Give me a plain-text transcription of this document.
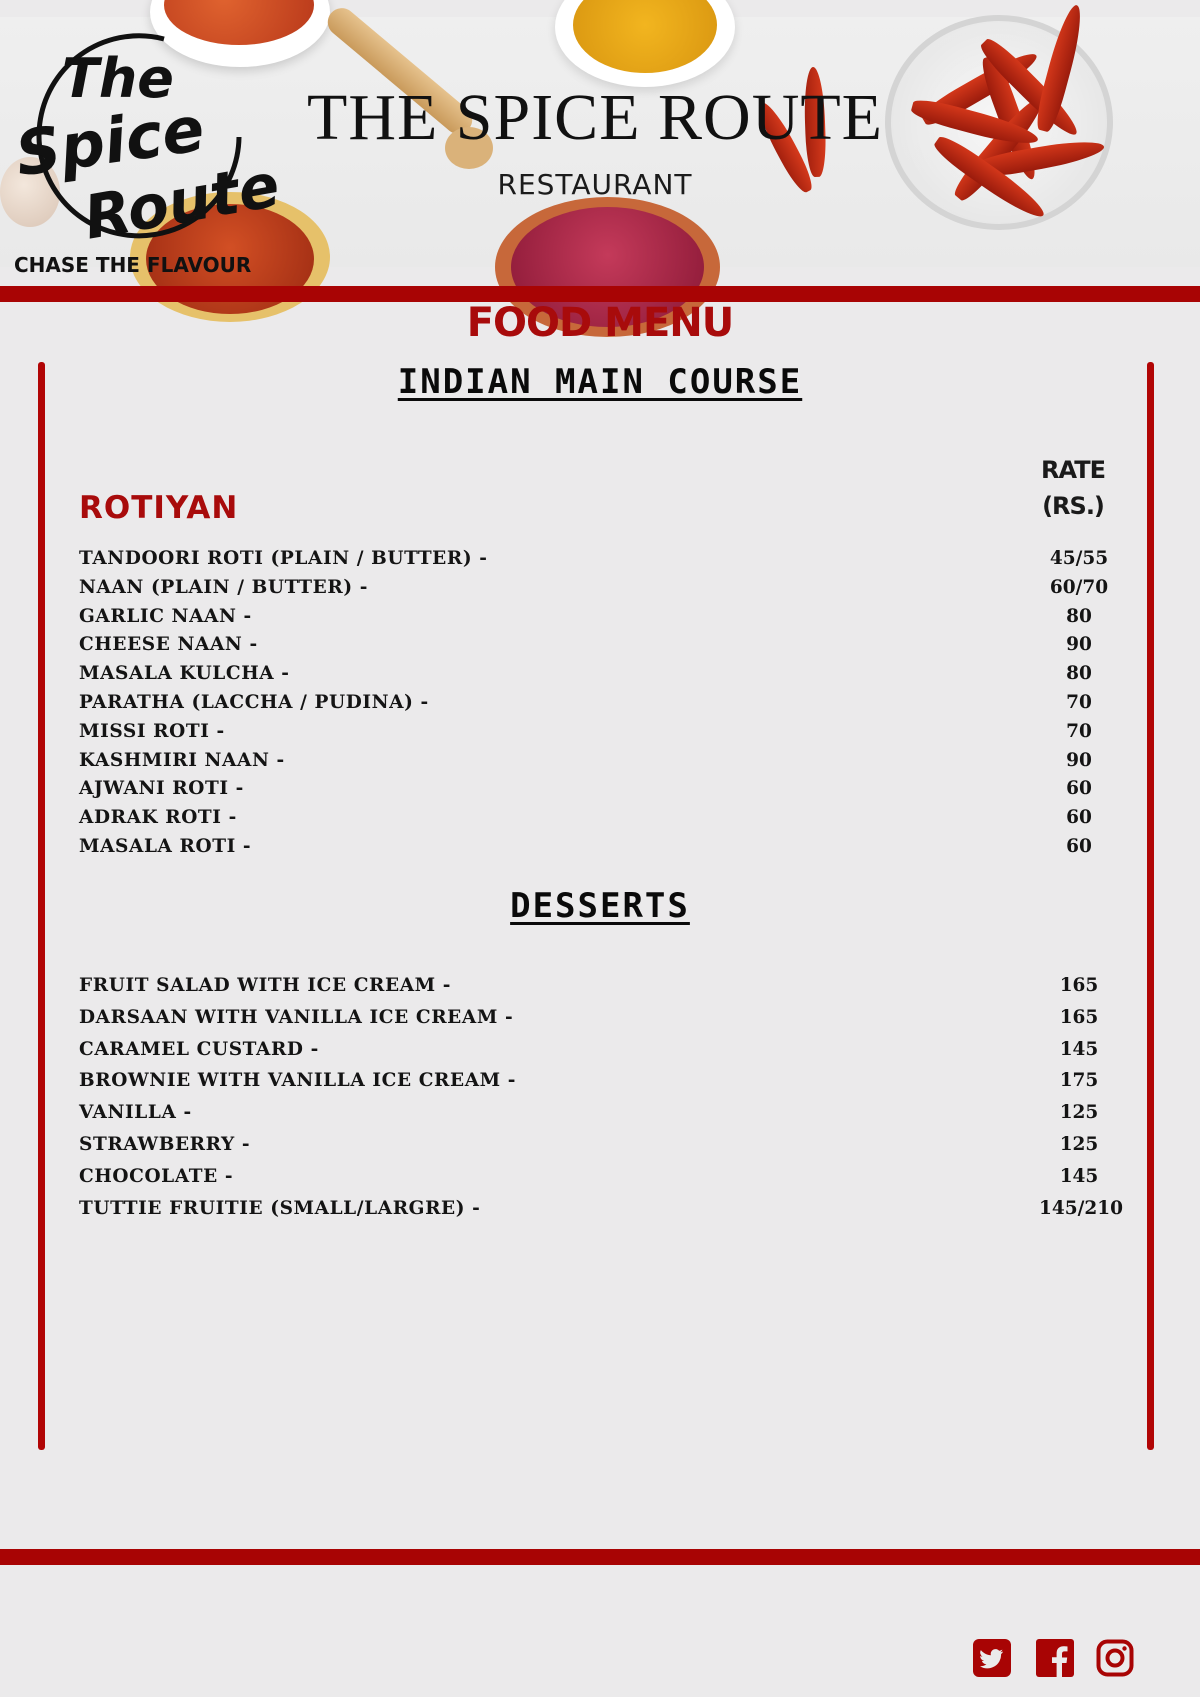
The
Spice
Route
CHASE THE FLAVOUR
THE SPICE ROUTE
RESTAURANT
FOOD MENU
INDIAN MAIN COURSE
RATE
(RS.)
ROTIYAN
TANDOORI ROTI (PLAIN / BUTTER) -	45/55
NAAN (PLAIN / BUTTER) -	60/70
GARLIC NAAN -	80
CHEESE NAAN -	90
MASALA KULCHA -	80
PARATHA (LACCHA / PUDINA) -	70
MISSI ROTI -	70
KASHMIRI NAAN -	90
AJWANI ROTI -	60
ADRAK ROTI -	60
MASALA ROTI -	60
DESSERTS
FRUIT SALAD WITH ICE CREAM -	165
DARSAAN WITH VANILLA ICE CREAM -	165
CARAMEL CUSTARD -	145
BROWNIE WITH VANILLA ICE CREAM -	175
VANILLA -	125
STRAWBERRY -	125
CHOCOLATE -	145
TUTTIE FRUITIE (SMALL/LARGRE) -	145/210
